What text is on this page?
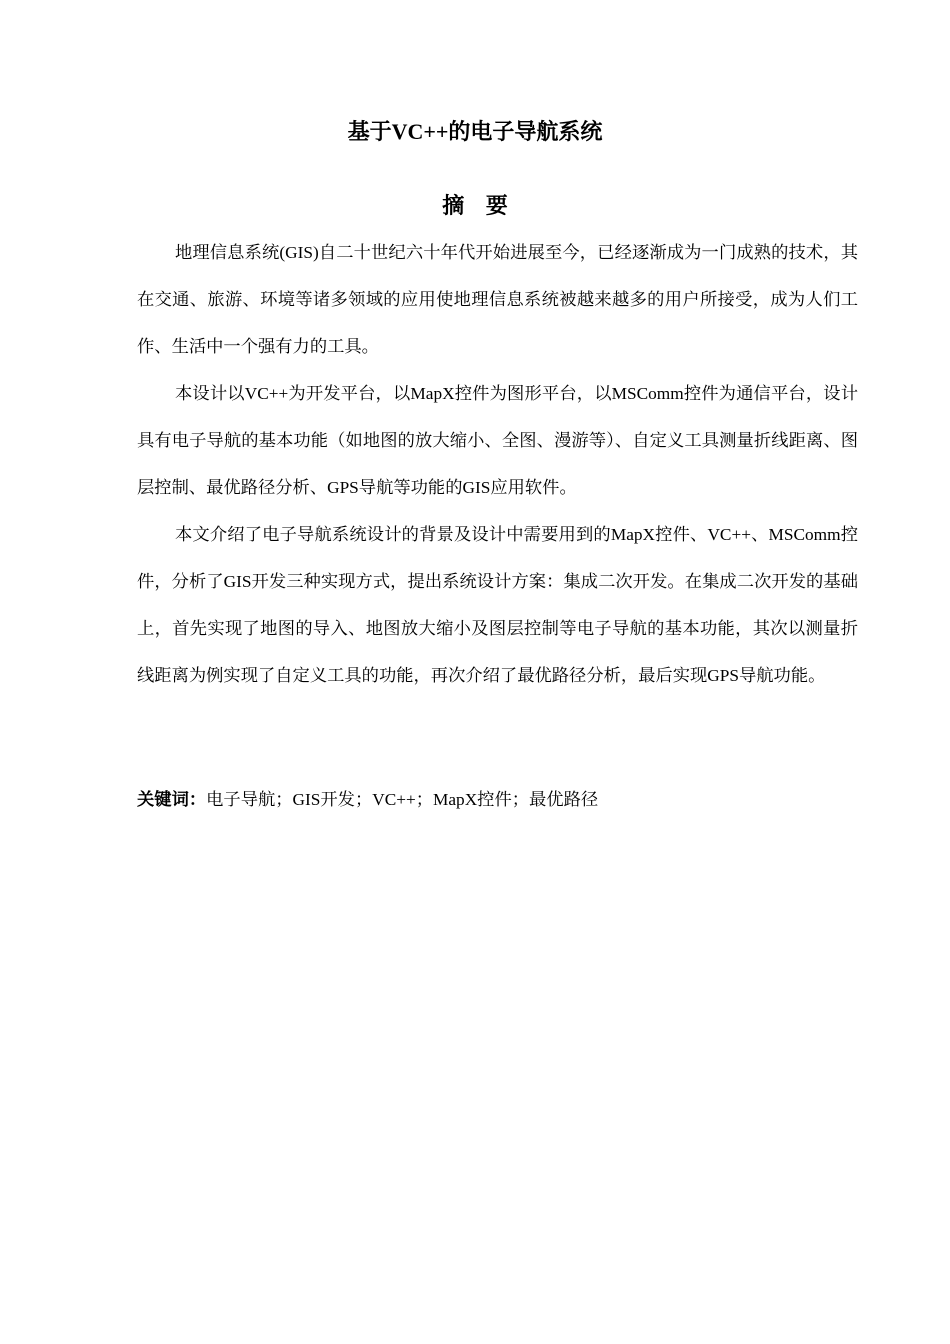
基于VC++的电子导航系统
摘 要

地理信息系统(GIS)自二十世纪六十年代开始进展至今，已经逐渐成为一门成熟的技术，其在交通、旅游、环境等诸多领域的应用使地理信息系统被越来越多的用户所接受，成为人们工作、生活中一个强有力的工具。

本设计以VC++为开发平台，以MapX控件为图形平台，以MSComm控件为通信平台，设计具有电子导航的基本功能（如地图的放大缩小、全图、漫游等）、自定义工具测量折线距离、图层控制、最优路径分析、GPS导航等功能的GIS应用软件。

本文介绍了电子导航系统设计的背景及设计中需要用到的MapX控件、VC++、MSComm控件，分析了GIS开发三种实现方式，提出系统设计方案：集成二次开发。在集成二次开发的基础上，首先实现了地图的导入、地图放大缩小及图层控制等电子导航的基本功能，其次以测量折线距离为例实现了自定义工具的功能，再次介绍了最优路径分析，最后实现GPS导航功能。

关键词：电子导航；GIS开发；VC++；MapX控件；最优路径
